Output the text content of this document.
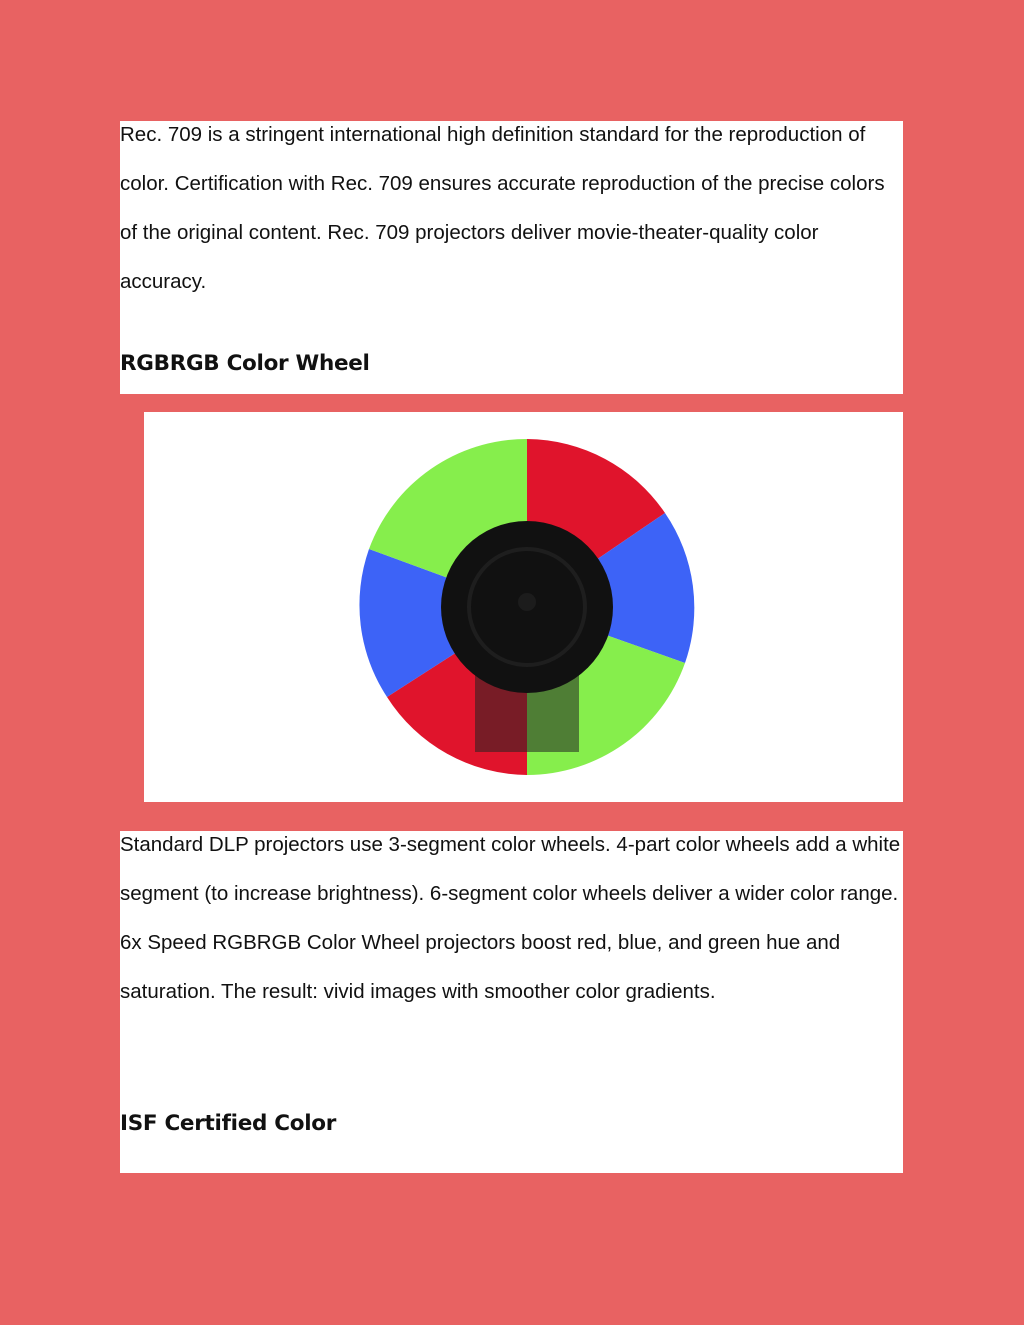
Rec. 709 is a stringent international high definition standard for the reproduction of color. Certification with Rec. 709 ensures accurate reproduction of the precise colors of the original content. Rec. 709 projectors deliver movie-theater-quality color accuracy.

RGBRGB Color Wheel

Standard DLP projectors use 3-segment color wheels. 4-part color wheels add a white segment (to increase brightness). 6-segment color wheels deliver a wider color range. 6x Speed RGBRGB Color Wheel projectors boost red, blue, and green hue and saturation. The result: vivid images with smoother color gradients.

ISF Certified Color
